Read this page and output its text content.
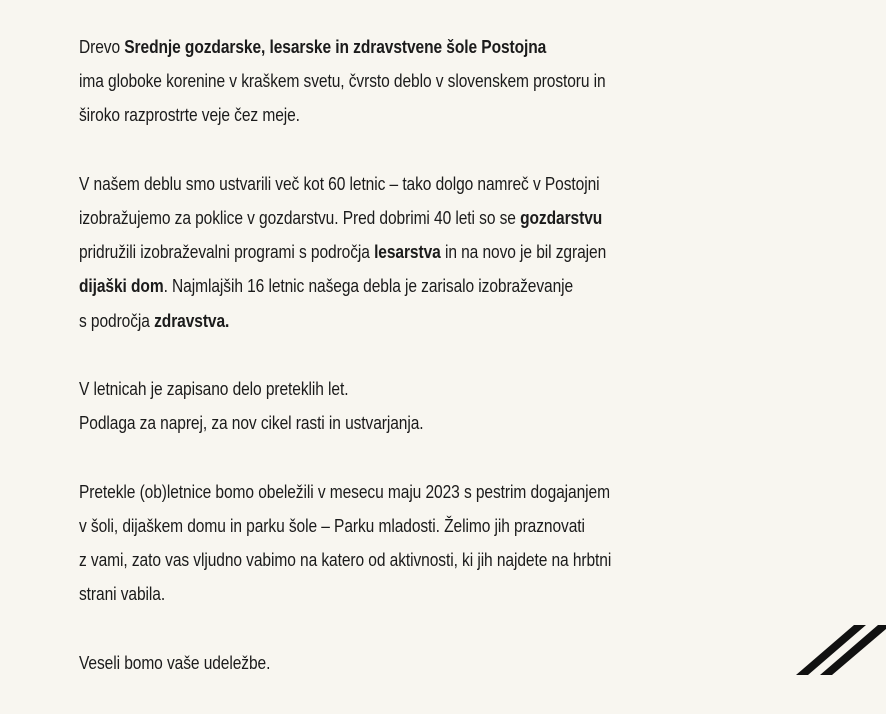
Drevo Srednje gozdarske, lesarske in zdravstvene šole Postojna
ima globoke korenine v kraškem svetu, čvrsto deblo v slovenskem prostoru in
široko razprostrte veje čez meje.
V našem deblu smo ustvarili več kot 60 letnic – tako dolgo namreč v Postojni
izobražujemo za poklice v gozdarstvu. Pred dobrimi 40 leti so se gozdarstvu
pridružili izobraževalni programi s področja lesarstva in na novo je bil zgrajen
dijaški dom. Najmlajših 16 letnic našega debla je zarisalo izobraževanje
s področja zdravstva.
V letnicah je zapisano delo preteklih let.
Podlaga za naprej, za nov cikel rasti in ustvarjanja.
Pretekle (ob)letnice bomo obeležili v mesecu maju 2023 s pestrim dogajanjem
v šoli, dijaškem domu in parku šole – Parku mladosti. Želimo jih praznovati
z vami, zato vas vljudno vabimo na katero od aktivnosti, ki jih najdete na hrbtni
strani vabila.
Veseli bomo vaše udeležbe.
